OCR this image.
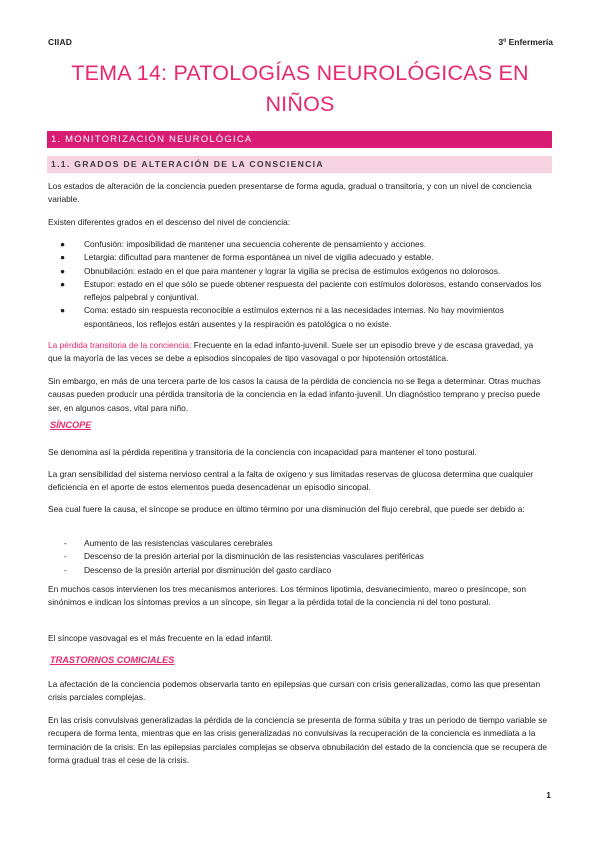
CIIAD	3º Enfermería
TEMA 14: PATOLOGÍAS NEUROLÓGICAS EN
NIÑOS
1. MONITORIZACIÓN NEUROLÓGICA
1.1. GRADOS DE ALTERACIÓN DE LA CONSCIENCIA
Los estados de alteración de la conciencia pueden presentarse de forma aguda, gradual o transitoria, y con un nivel de conciencia variable.
Existen diferentes grados en el descenso del nivel de conciencia:
● Confusión: imposibilidad de mantener una secuencia coherente de pensamiento y acciones.
● Letargia: dificultad para mantener de forma espontánea un nivel de vigilia adecuado y estable.
● Obnubilación: estado en el que para mantener y lograr la vigilia se precisa de estímulos exógenos no dolorosos.
● Estupor: estado en el que sólo se puede obtener respuesta del paciente con estímulos dolorosos, estando conservados los reflejos palpebral y conjuntival.
● Coma: estado sin respuesta reconocible a estímulos externos ni a las necesidades internas. No hay movimientos espontáneos, los reflejos están ausentes y la respiración es patológica o no existe.
La pérdida transitoria de la conciencia: Frecuente en la edad infanto-juvenil. Suele ser un episodio breve y de escasa gravedad, ya que la mayoría de las veces se debe a episodios sincopales de tipo vasovagal o por hipotensión ortostática.
Sin embargo, en más de una tercera parte de los casos la causa de la pérdida de conciencia no se llega a determinar. Otras muchas causas pueden producir una pérdida transitoria de la conciencia en la edad infanto-juvenil. Un diagnóstico temprano y preciso puede ser, en algunos casos, vital para niño.
SÍNCOPE
Se denomina así la pérdida repentina y transitoria de la conciencia con incapacidad para mantener el tono postural.
La gran sensibilidad del sistema nervioso central a la falta de oxígeno y sus limitadas reservas de glucosa determina que cualquier deficiencia en el aporte de estos elementos pueda desencadenar un episodio sincopal.
Sea cual fuere la causa, el síncope se produce en último término por una disminución del flujo cerebral, que puede ser debido a:
- Aumento de las resistencias vasculares cerebrales
- Descenso de la presión arterial por la disminución de las resistencias vasculares periféricas
- Descenso de la presión arterial por disminución del gasto cardíaco
En muchos casos intervienen los tres mecanismos anteriores. Los términos lipotimia, desvanecimiento, mareo o presíncope, son sinónimos e indican los síntomas previos a un síncope, sin llegar a la pérdida total de la conciencia ni del tono postural.
El síncope vasovagal es el más frecuente en la edad infantil.
TRASTORNOS COMICIALES
La afectación de la conciencia podemos observarla tanto en epilepsias que cursan con crisis generalizadas, como las que presentan crisis parciales complejas.
En las crisis convulsivas generalizadas la pérdida de la conciencia se presenta de forma súbita y tras un periodo de tiempo variable se recupera de forma lenta, mientras que en las crisis generalizadas no convulsivas la recuperación de la conciencia es inmediata a la terminación de la crisis. En las epilepsias parciales complejas se observa obnubilación del estado de la conciencia que se recupera de forma gradual tras el cese de la crisis.
1
